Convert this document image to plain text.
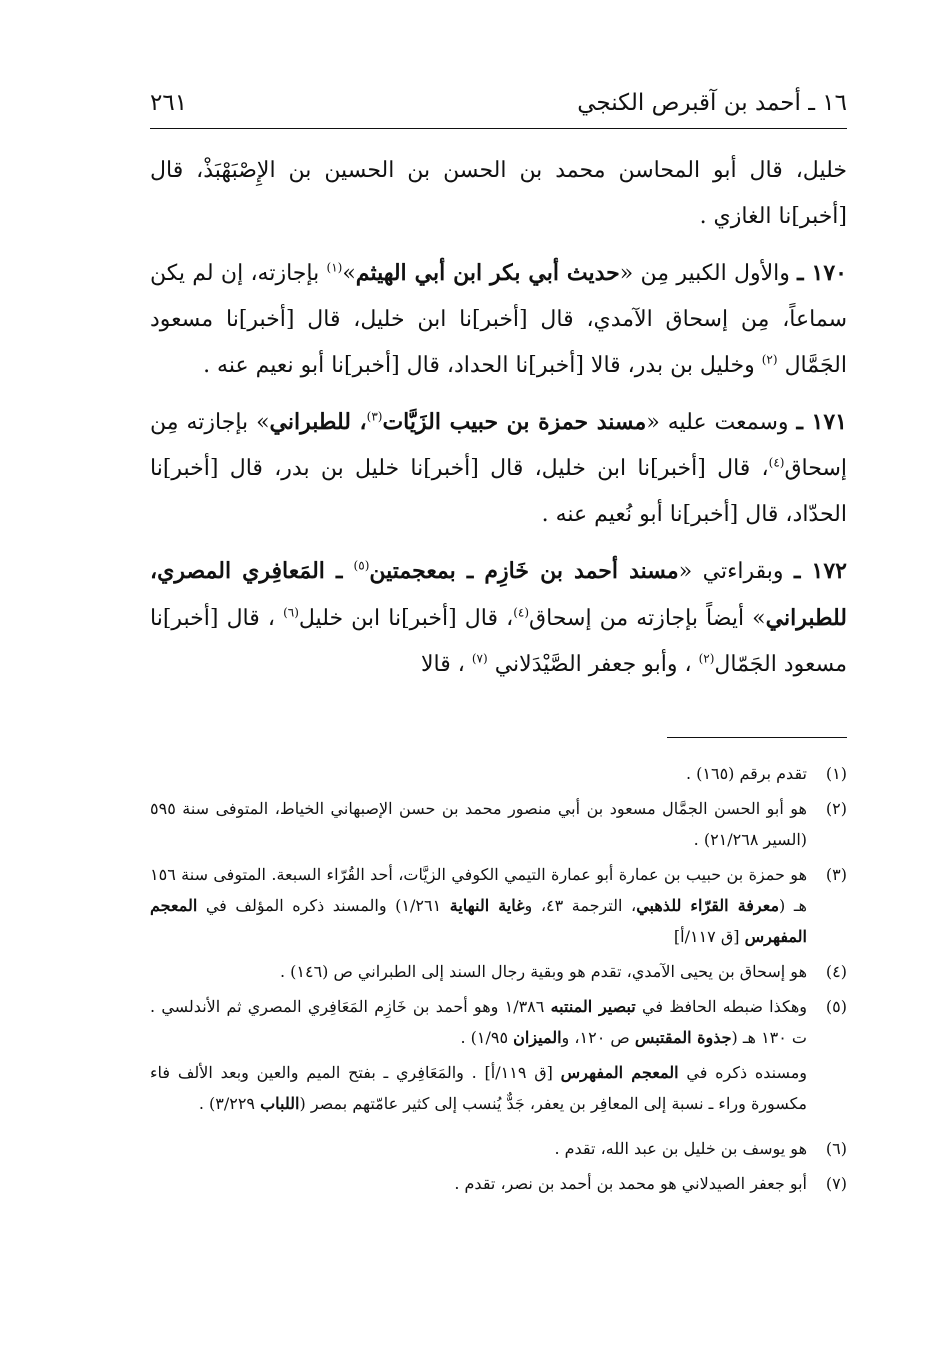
١٦ ـ أحمد بن آقبرص الكنجي
٢٦١

خليل، قال أبو المحاسن محمد بن الحسن بن الحسين بن الإِصْبَهْبَذْ، قال [أخبر]نا الغازي .

١٧٠ ـ والأول الكبير مِن «حديث أبي بكر ابن أبي الهيثم»$^{(١)}$ بإجازته، إن لم يكن سماعاً، مِن إسحاق الآمدي، قال [أخبر]نا ابن خليل، قال [أخبر]نا مسعود الجَمَّال $^{(٢)}$ وخليل بن بدر، قالا [أخبر]نا الحداد، قال [أخبر]نا أبو نعيم عنه .

١٧١ ـ وسمعت عليه «مسند حمزة بن حبيب الزَيَّات$^{(٣)}$، للطبراني» بإجازته مِن إسحاق$^{(٤)}$، قال [أخبر]نا ابن خليل، قال [أخبر]نا خليل بن بدر، قال [أخبر]نا الحدّاد، قال [أخبر]نا أبو نُعيم عنه .

١٧٢ ـ وبقراءتي «مسند أحمد بن خَازِم ـ بمعجمتين$^{(٥)}$ ـ المَعافِري المصري، للطبراني» أيضاً بإجازته من إسحاق$^{(٤)}$، قال [أخبر]نا ابن خليل$^{(٦)}$ ، قال [أخبر]نا مسعود الجَمّال$^{(٢)}$ ، وأبو جعفر الصَّيْدَلاني $^{(٧)}$ ، قالا

(١)
تقدم برقم (١٦٥) .
(٢)
هو أبو الحسن الجمَّال مسعود بن أبي منصور محمد بن حسن الإصبهاني الخياط، المتوفى سنة ٥٩٥ (السير ٢١/٢٦٨) .
(٣)
هو حمزة بن حبيب بن عمارة أبو عمارة التيمي الكوفي الزيَّات، أحد القُرّاء السبعة. المتوفى سنة ١٥٦ هـ (معرفة القرّاء للذهبي، الترجمة ٤٣، وغاية النهاية ١/٢٦١) والمسند ذكره المؤلف في المعجم المفهرس [ق ١١٧/أ]
(٤)
هو إسحاق بن يحيى الآمدي، تقدم هو وبقية رجال السند إلى الطبراني ص (١٤٦) .
(٥)
وهكذا ضبطه الحافظ في تبصير المنتبه ١/٣٨٦ وهو أحمد بن خَازِم المَعَافِري المصري ثم الأندلسي . ت ١٣٠ هـ (جذوة المقتبس ص ١٢٠، والميزان ١/٩٥) .
ومسنده ذكره في المعجم المفهرس [ق ١١٩/أ] . والمَعَافِري ـ بفتح الميم والعين وبعد الألف فاء مكسورة وراء ـ نسبة إلى المعافِر بن يعفر، جَدٌّ يُنسب إلى كثير عامّتهم بمصر (اللباب ٣/٢٢٩) .
(٦)
هو يوسف بن خليل بن عبد الله، تقدم .
(٧)
أبو جعفر الصيدلاني هو محمد بن أحمد بن نصر، تقدم .
